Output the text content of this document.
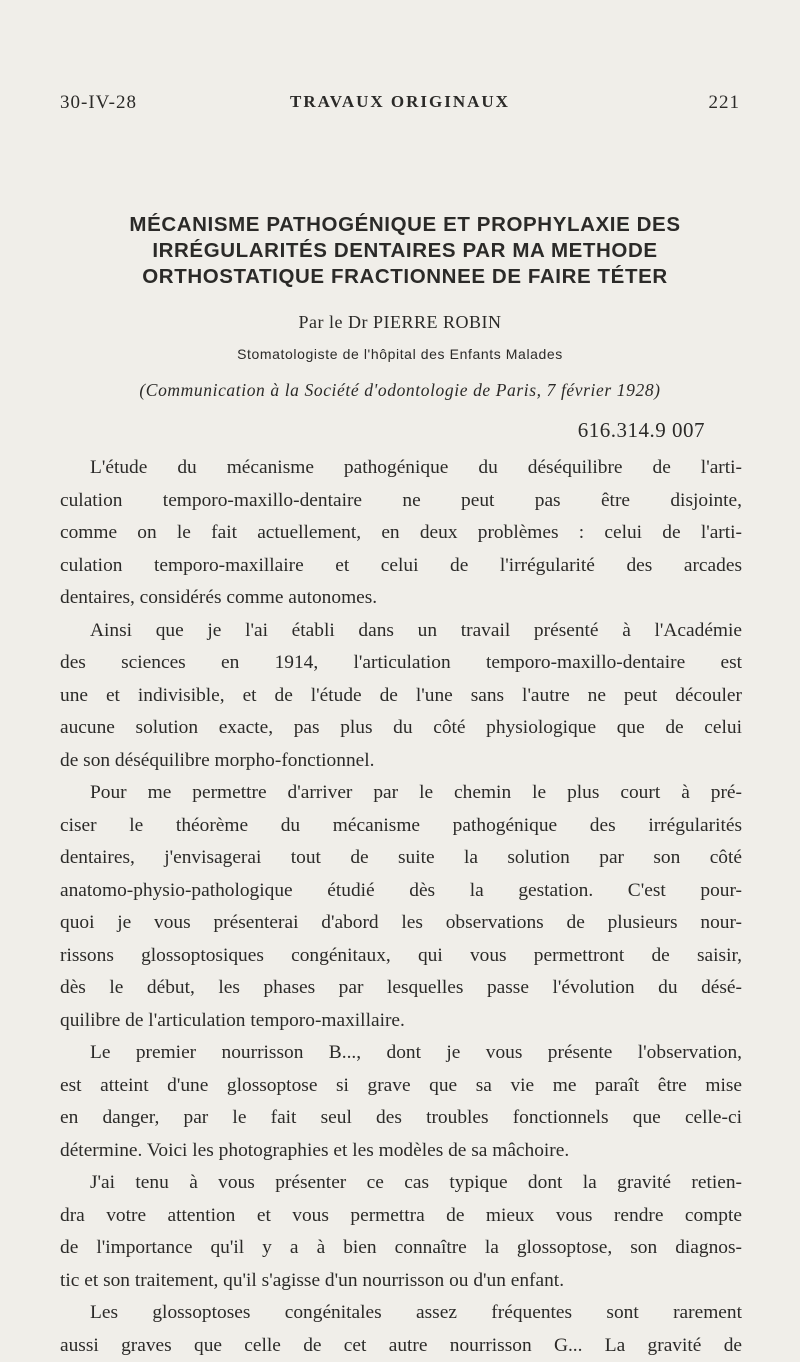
30-IV-28	TRAVAUX ORIGINAUX	221
MÉCANISME PATHOGÉNIQUE ET PROPHYLAXIE DES
IRRÉGULARITÉS DENTAIRES PAR MA METHODE
ORTHOSTATIQUE FRACTIONNEE DE FAIRE TÉTER
Par le Dr PIERRE ROBIN
Stomatologiste de l'hôpital des Enfants Malades
(Communication à la Société d'odontologie de Paris, 7 février 1928)
616.314.9 007

L'étude du mécanisme pathogénique du déséquilibre de l'arti-
culation temporo-maxillo-dentaire ne peut pas être disjointe,
comme on le fait actuellement, en deux problèmes : celui de l'arti-
culation temporo-maxillaire et celui de l'irrégularité des arcades
dentaires, considérés comme autonomes.

Ainsi que je l'ai établi dans un travail présenté à l'Académie
des sciences en 1914, l'articulation temporo-maxillo-dentaire est
une et indivisible, et de l'étude de l'une sans l'autre ne peut découler
aucune solution exacte, pas plus du côté physiologique que de celui
de son déséquilibre morpho-fonctionnel.

Pour me permettre d'arriver par le chemin le plus court à pré-
ciser le théorème du mécanisme pathogénique des irrégularités
dentaires, j'envisagerai tout de suite la solution par son côté
anatomo-physio-pathologique étudié dès la gestation. C'est pour-
quoi je vous présenterai d'abord les observations de plusieurs nour-
rissons glossoptosiques congénitaux, qui vous permettront de saisir,
dès le début, les phases par lesquelles passe l'évolution du désé-
quilibre de l'articulation temporo-maxillaire.

Le premier nourrisson B..., dont je vous présente l'observation,
est atteint d'une glossoptose si grave que sa vie me paraît être mise
en danger, par le fait seul des troubles fonctionnels que celle-ci
détermine. Voici les photographies et les modèles de sa mâchoire.

J'ai tenu à vous présenter ce cas typique dont la gravité retien-
dra votre attention et vous permettra de mieux vous rendre compte
de l'importance qu'il y a à bien connaître la glossoptose, son diagnos-
tic et son traitement, qu'il s'agisse d'un nourrisson ou d'un enfant.

Les glossoptoses congénitales assez fréquentes sont rarement
aussi graves que celle de cet autre nourrisson G... La gravité de
